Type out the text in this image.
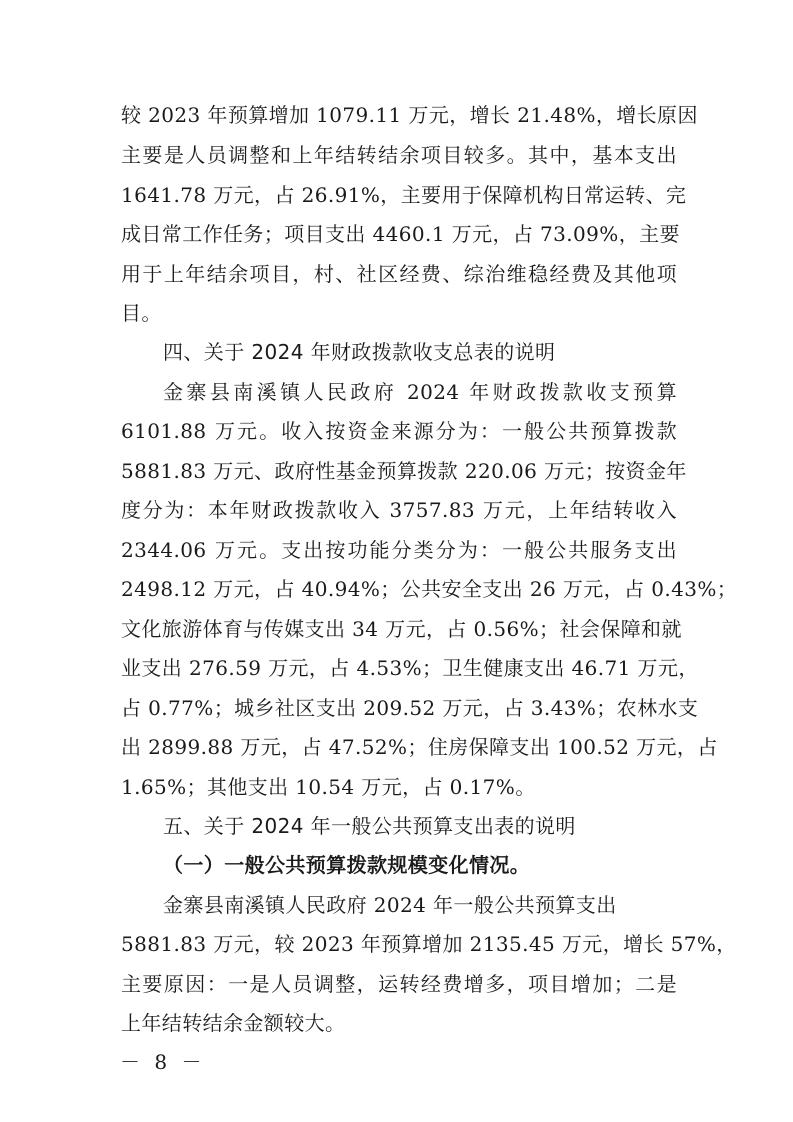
较 2023 年预算增加 1079.11 万元，增长 21.48%，增长原因
主要是人员调整和上年结转结余项目较多。其中，基本支出
1641.78 万元，占 26.91%，主要用于保障机构日常运转、完
成日常工作任务；项目支出 4460.1 万元，占 73.09%，主要
用于上年结余项目，村、社区经费、综治维稳经费及其他项
目。
四、关于 2024 年财政拨款收支总表的说明
金寨县南溪镇人民政府 2024 年财政拨款收支预算
6101.88 万元。收入按资金来源分为：一般公共预算拨款
5881.83 万元、政府性基金预算拨款 220.06 万元；按资金年
度分为：本年财政拨款收入 3757.83 万元，上年结转收入
2344.06 万元。支出按功能分类分为：一般公共服务支出
2498.12 万元，占 40.94%；公共安全支出 26 万元，占 0.43%；
文化旅游体育与传媒支出 34 万元，占 0.56%；社会保障和就
业支出 276.59 万元，占 4.53%；卫生健康支出 46.71 万元，
占 0.77%；城乡社区支出 209.52 万元，占 3.43%；农林水支
出 2899.88 万元，占 47.52%；住房保障支出 100.52 万元，占
1.65%；其他支出 10.54 万元，占 0.17%。
五、关于 2024 年一般公共预算支出表的说明
（一）一般公共预算拨款规模变化情况。
金寨县南溪镇人民政府 2024 年一般公共预算支出
5881.83 万元，较 2023 年预算增加 2135.45 万元，增长 57%，
主要原因：一是人员调整，运转经费增多，项目增加；二是
上年结转结余金额较大。
－ 8 －
